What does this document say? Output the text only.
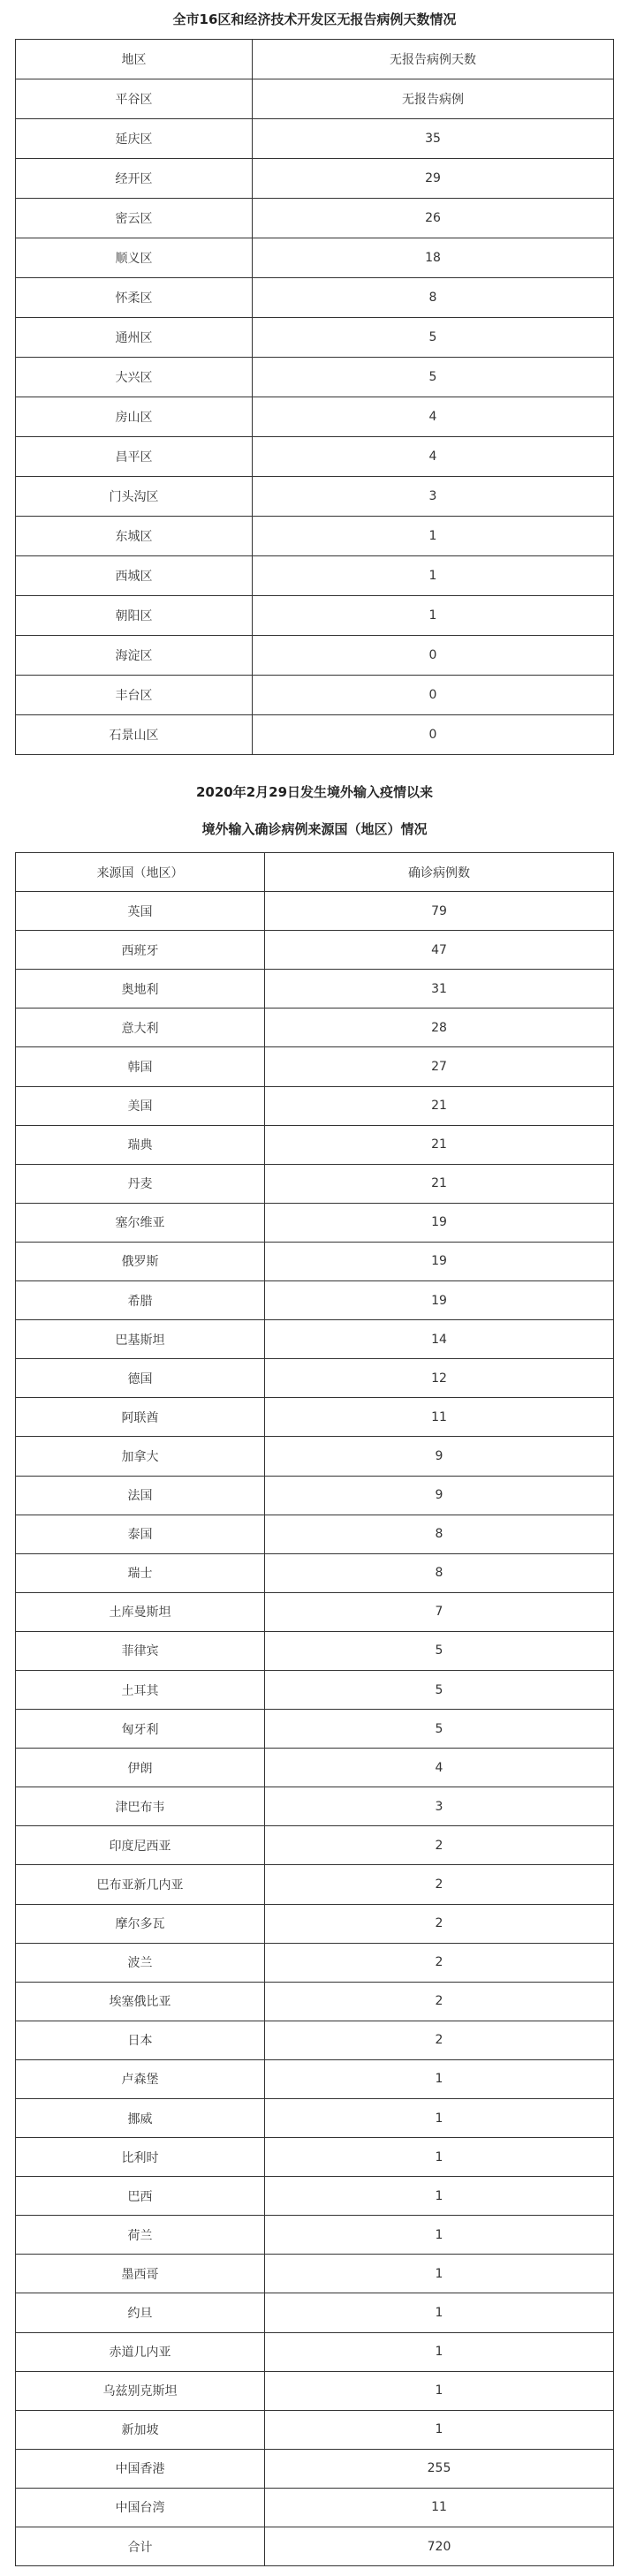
全市16区和经济技术开发区无报告病例天数情况
地区	无报告病例天数
平谷区	无报告病例
延庆区	35
经开区	29
密云区	26
顺义区	18
怀柔区	8
通州区	5
大兴区	5
房山区	4
昌平区	4
门头沟区	3
东城区	1
西城区	1
朝阳区	1
海淀区	0
丰台区	0
石景山区	0
2020年2月29日发生境外输入疫情以来
境外输入确诊病例来源国（地区）情况
来源国（地区）	确诊病例数
英国	79
西班牙	47
奥地利	31
意大利	28
韩国	27
美国	21
瑞典	21
丹麦	21
塞尔维亚	19
俄罗斯	19
希腊	19
巴基斯坦	14
德国	12
阿联酋	11
加拿大	9
法国	9
泰国	8
瑞士	8
土库曼斯坦	7
菲律宾	5
土耳其	5
匈牙利	5
伊朗	4
津巴布韦	3
印度尼西亚	2
巴布亚新几内亚	2
摩尔多瓦	2
波兰	2
埃塞俄比亚	2
日本	2
卢森堡	1
挪威	1
比利时	1
巴西	1
荷兰	1
墨西哥	1
约旦	1
赤道几内亚	1
乌兹别克斯坦	1
新加坡	1
中国香港	255
中国台湾	11
合计	720
